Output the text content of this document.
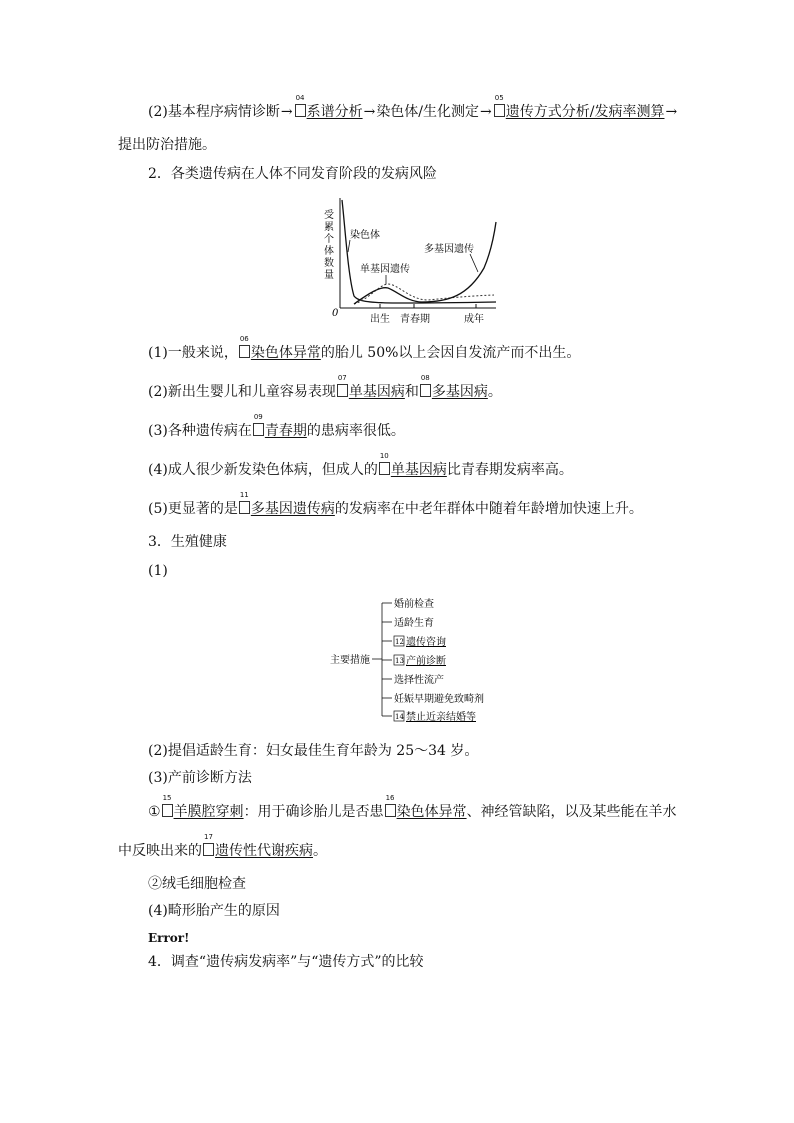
(2)基本程序病情诊断→
04
系谱分析→染色体/生化测定→
05
遗传方式分析/发病率测算→
提出防治措施。
2．各类遗传病在人体不同发育阶段的发病风险
受
累
个
体
数
量
0
染色体
单基因遗传
多基因遗传
出生 青春期	成年
(1)一般来说，
06
染色体异常的胎儿 50%以上会因自发流产而不出生。
(2)新出生婴儿和儿童容易表现
07
单基因病和
08
多基因病。
(3)各种遗传病在
09
青春期的患病率很低。
(4)成人很少新发染色体病，但成人的
10
单基因病比青春期发病率高。
(5)更显著的是
11
多基因遗传病的发病率在中老年群体中随着年龄增加快速上升。
3．生殖健康
(1)
主要措施
婚前检查
适龄生育
12 遗传咨询
13 产前诊断
选择性流产
妊娠早期避免致畸剂
14 禁止近亲结婚等
(2)提倡适龄生育：妇女最佳生育年龄为 25～34 岁。
(3)产前诊断方法
①
15
羊膜腔穿刺：用于确诊胎儿是否患
16
染色体异常、神经管缺陷，以及某些能在羊水
中反映出来的
17
遗传性代谢疾病。
②绒毛细胞检查
(4)畸形胎产生的原因
Error!
4．调查“遗传病发病率”与“遗传方式”的比较
